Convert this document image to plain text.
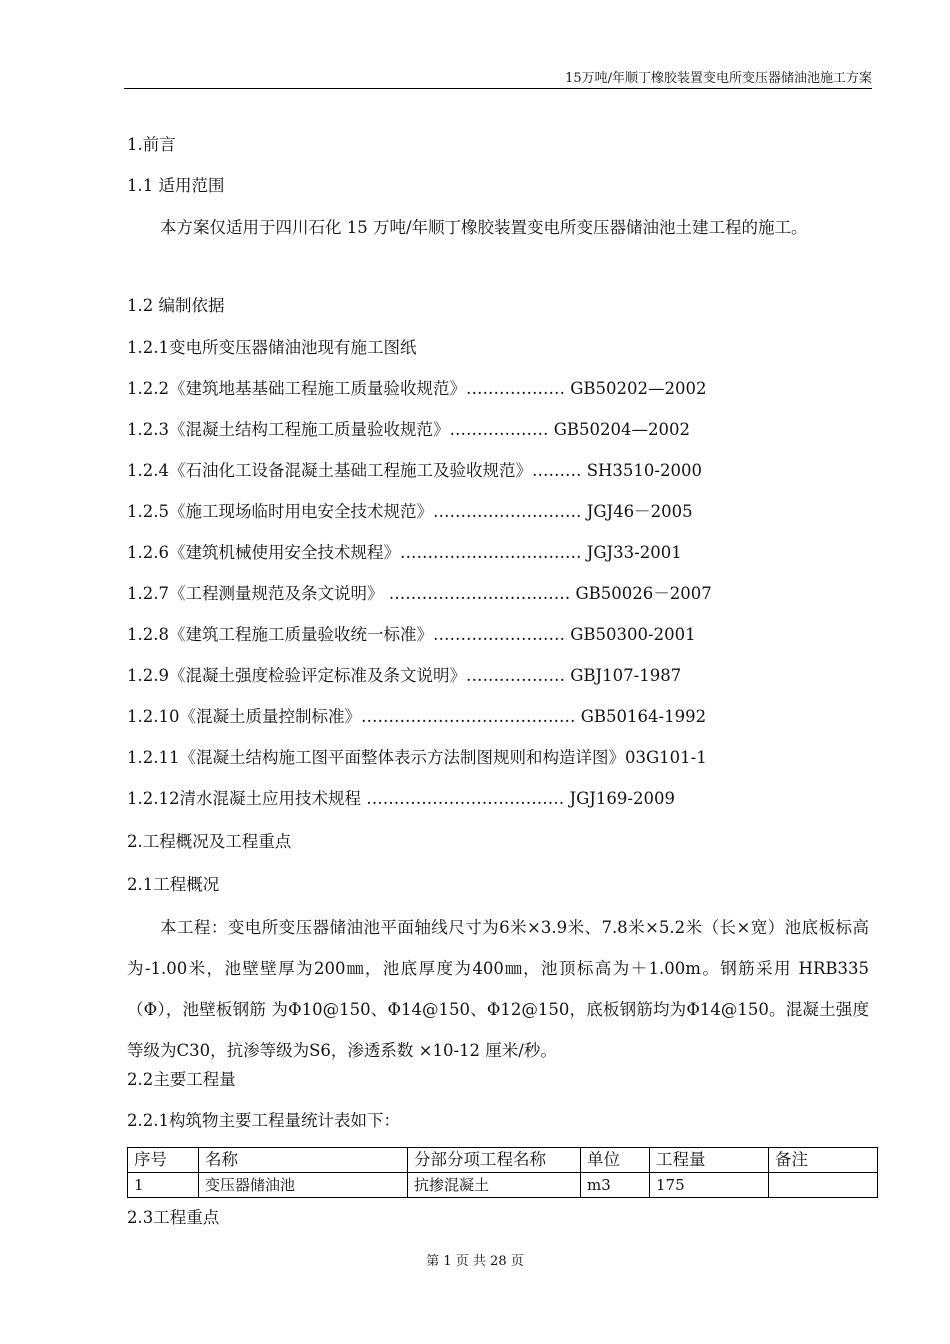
15万吨/年顺丁橡胶装置变电所变压器储油池施工方案
1.前言
1.1 适用范围
本方案仅适用于四川石化 15 万吨/年顺丁橡胶装置变电所变压器储油池土建工程的施工。
1.2 编制依据
1.2.1变电所变压器储油池现有施工图纸
1.2.2《建筑地基基础工程施工质量验收规范》……………… GB50202—2002
1.2.3《混凝土结构工程施工质量验收规范》……………… GB50204—2002
1.2.4《石油化工设备混凝土基础工程施工及验收规范》……… SH3510-2000
1.2.5《施工现场临时用电安全技术规范》……………………… JGJ46－2005
1.2.6《建筑机械使用安全技术规程》…………………………… JGJ33-2001
1.2.7《工程测量规范及条文说明》 …………………………… GB50026－2007
1.2.8《建筑工程施工质量验收统一标准》…………………… GB50300-2001
1.2.9《混凝土强度检验评定标准及条文说明》……………… GBJ107-1987
1.2.10《混凝土质量控制标准》………………………………… GB50164-1992
1.2.11《混凝土结构施工图平面整体表示方法制图规则和构造详图》03G101-1
1.2.12清水混凝土应用技术规程 ……………………………… JGJ169-2009
2.工程概况及工程重点
2.1工程概况
本工程：变电所变压器储油池平面轴线尺寸为6米×3.9米、7.8米×5.2米（长×宽）池底板标高为-1.00米，池壁壁厚为200㎜，池底厚度为400㎜，池顶标高为＋1.00m。钢筋采用 HRB335（Φ），池壁板钢筋 为Φ10@150、Φ14@150、Φ12@150，底板钢筋均为Φ14@150。混凝土强度等级为C30，抗渗等级为S6，渗透系数 ×10-12 厘米/秒。
2.2主要工程量
2.2.1构筑物主要工程量统计表如下：
序号	名称	分部分项工程名称	单位	工程量	备注
1	变压器储油池	抗掺混凝土	m3	175	
2.3工程重点
第 1 页 共 28 页
